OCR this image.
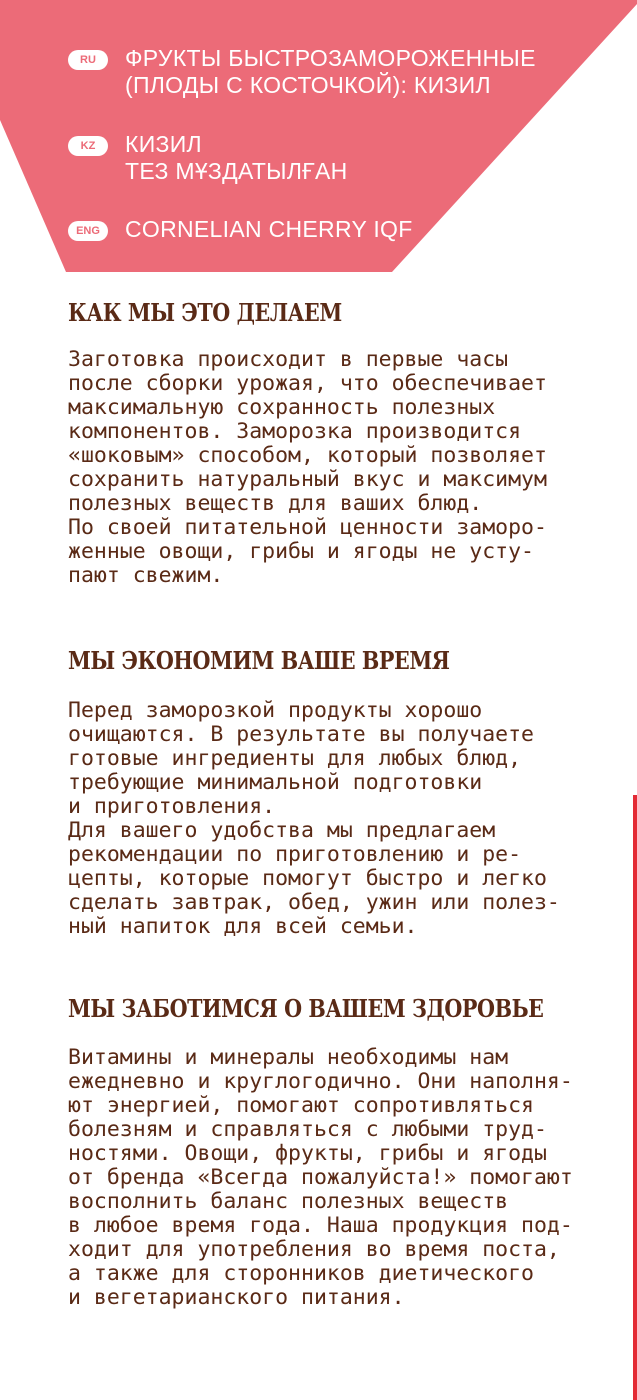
RU	ФРУКТЫ БЫСТРОЗАМОРОЖЕННЫЕ
(ПЛОДЫ С КОСТОЧКОЙ): КИЗИЛ
KZ	КИЗИЛ
ТЕЗ МҰЗДАТЫЛҒАН
ENG	CORNELIAN CHERRY IQF
КАК МЫ ЭТО ДЕЛАЕМ
Заготовка происходит в первые часы
после сборки урожая, что обеспечивает
максимальную сохранность полезных
компонентов. Заморозка производится
«шоковым» способом, который позволяет
сохранить натуральный вкус и максимум
полезных веществ для ваших блюд.
По своей питательной ценности заморо-
женные овощи, грибы и ягоды не усту-
пают свежим.
МЫ ЭКОНОМИМ ВАШЕ ВРЕМЯ
Перед заморозкой продукты хорошо
очищаются. В результате вы получаете
готовые ингредиенты для любых блюд,
требующие минимальной подготовки
и приготовления.
Для вашего удобства мы предлагаем
рекомендации по приготовлению и ре-
цепты, которые помогут быстро и легко
сделать завтрак, обед, ужин или полез-
ный напиток для всей семьи.
МЫ ЗАБОТИМСЯ О ВАШЕМ ЗДОРОВЬЕ
Витамины и минералы необходимы нам
ежедневно и круглогодично. Они наполня-
ют энергией, помогают сопротивляться
болезням и справляться с любыми труд-
ностями. Овощи, фрукты, грибы и ягоды
от бренда «Всегда пожалуйста!» помогают
восполнить баланс полезных веществ
в любое время года. Наша продукция под-
ходит для употребления во время поста,
а также для сторонников диетического
и вегетарианского питания.
